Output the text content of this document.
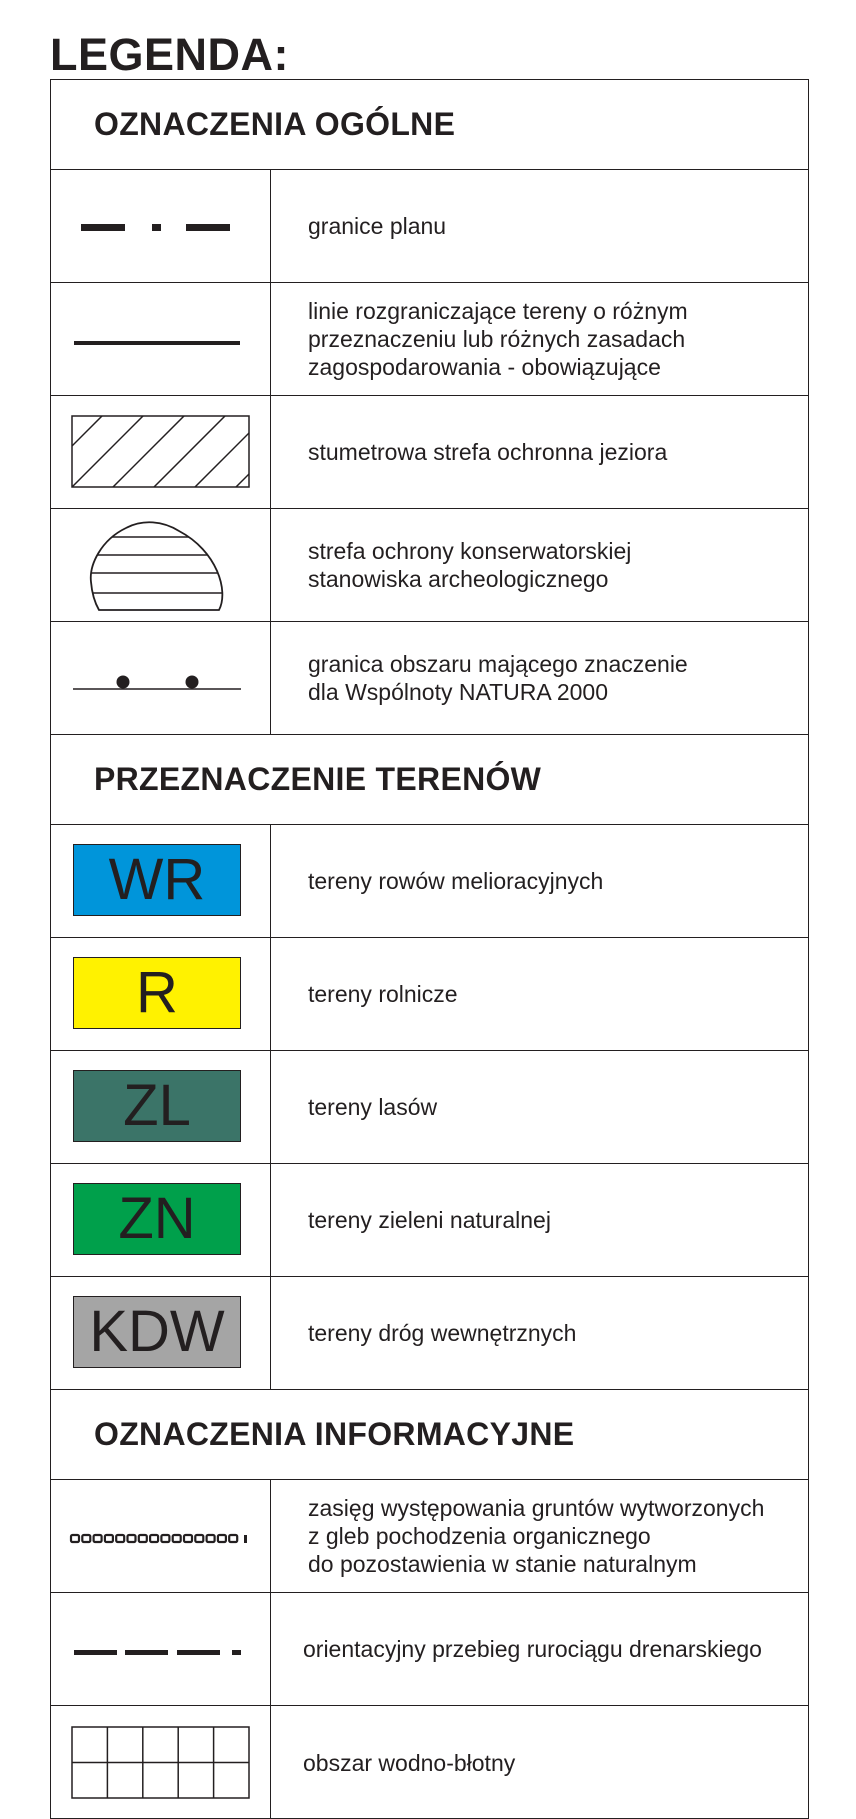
LEGENDA:
OZNACZENIA OGÓLNE
granice planu
linie rozgraniczające tereny o różnym
przeznaczeniu lub różnych zasadach
zagospodarowania - obowiązujące
stumetrowa strefa ochronna jeziora
strefa ochrony konserwatorskiej
stanowiska archeologicznego
granica obszaru mającego znaczenie
dla Wspólnoty NATURA 2000
PRZEZNACZENIE TERENÓW
WR	tereny rowów melioracyjnych
R	tereny rolnicze
ZL	tereny lasów
ZN	tereny zieleni naturalnej
KDW	tereny dróg wewnętrznych
OZNACZENIA INFORMACYJNE
zasięg występowania gruntów wytworzonych
z gleb pochodzenia organicznego
do pozostawienia w stanie naturalnym
orientacyjny przebieg rurociągu drenarskiego
obszar wodno-błotny
